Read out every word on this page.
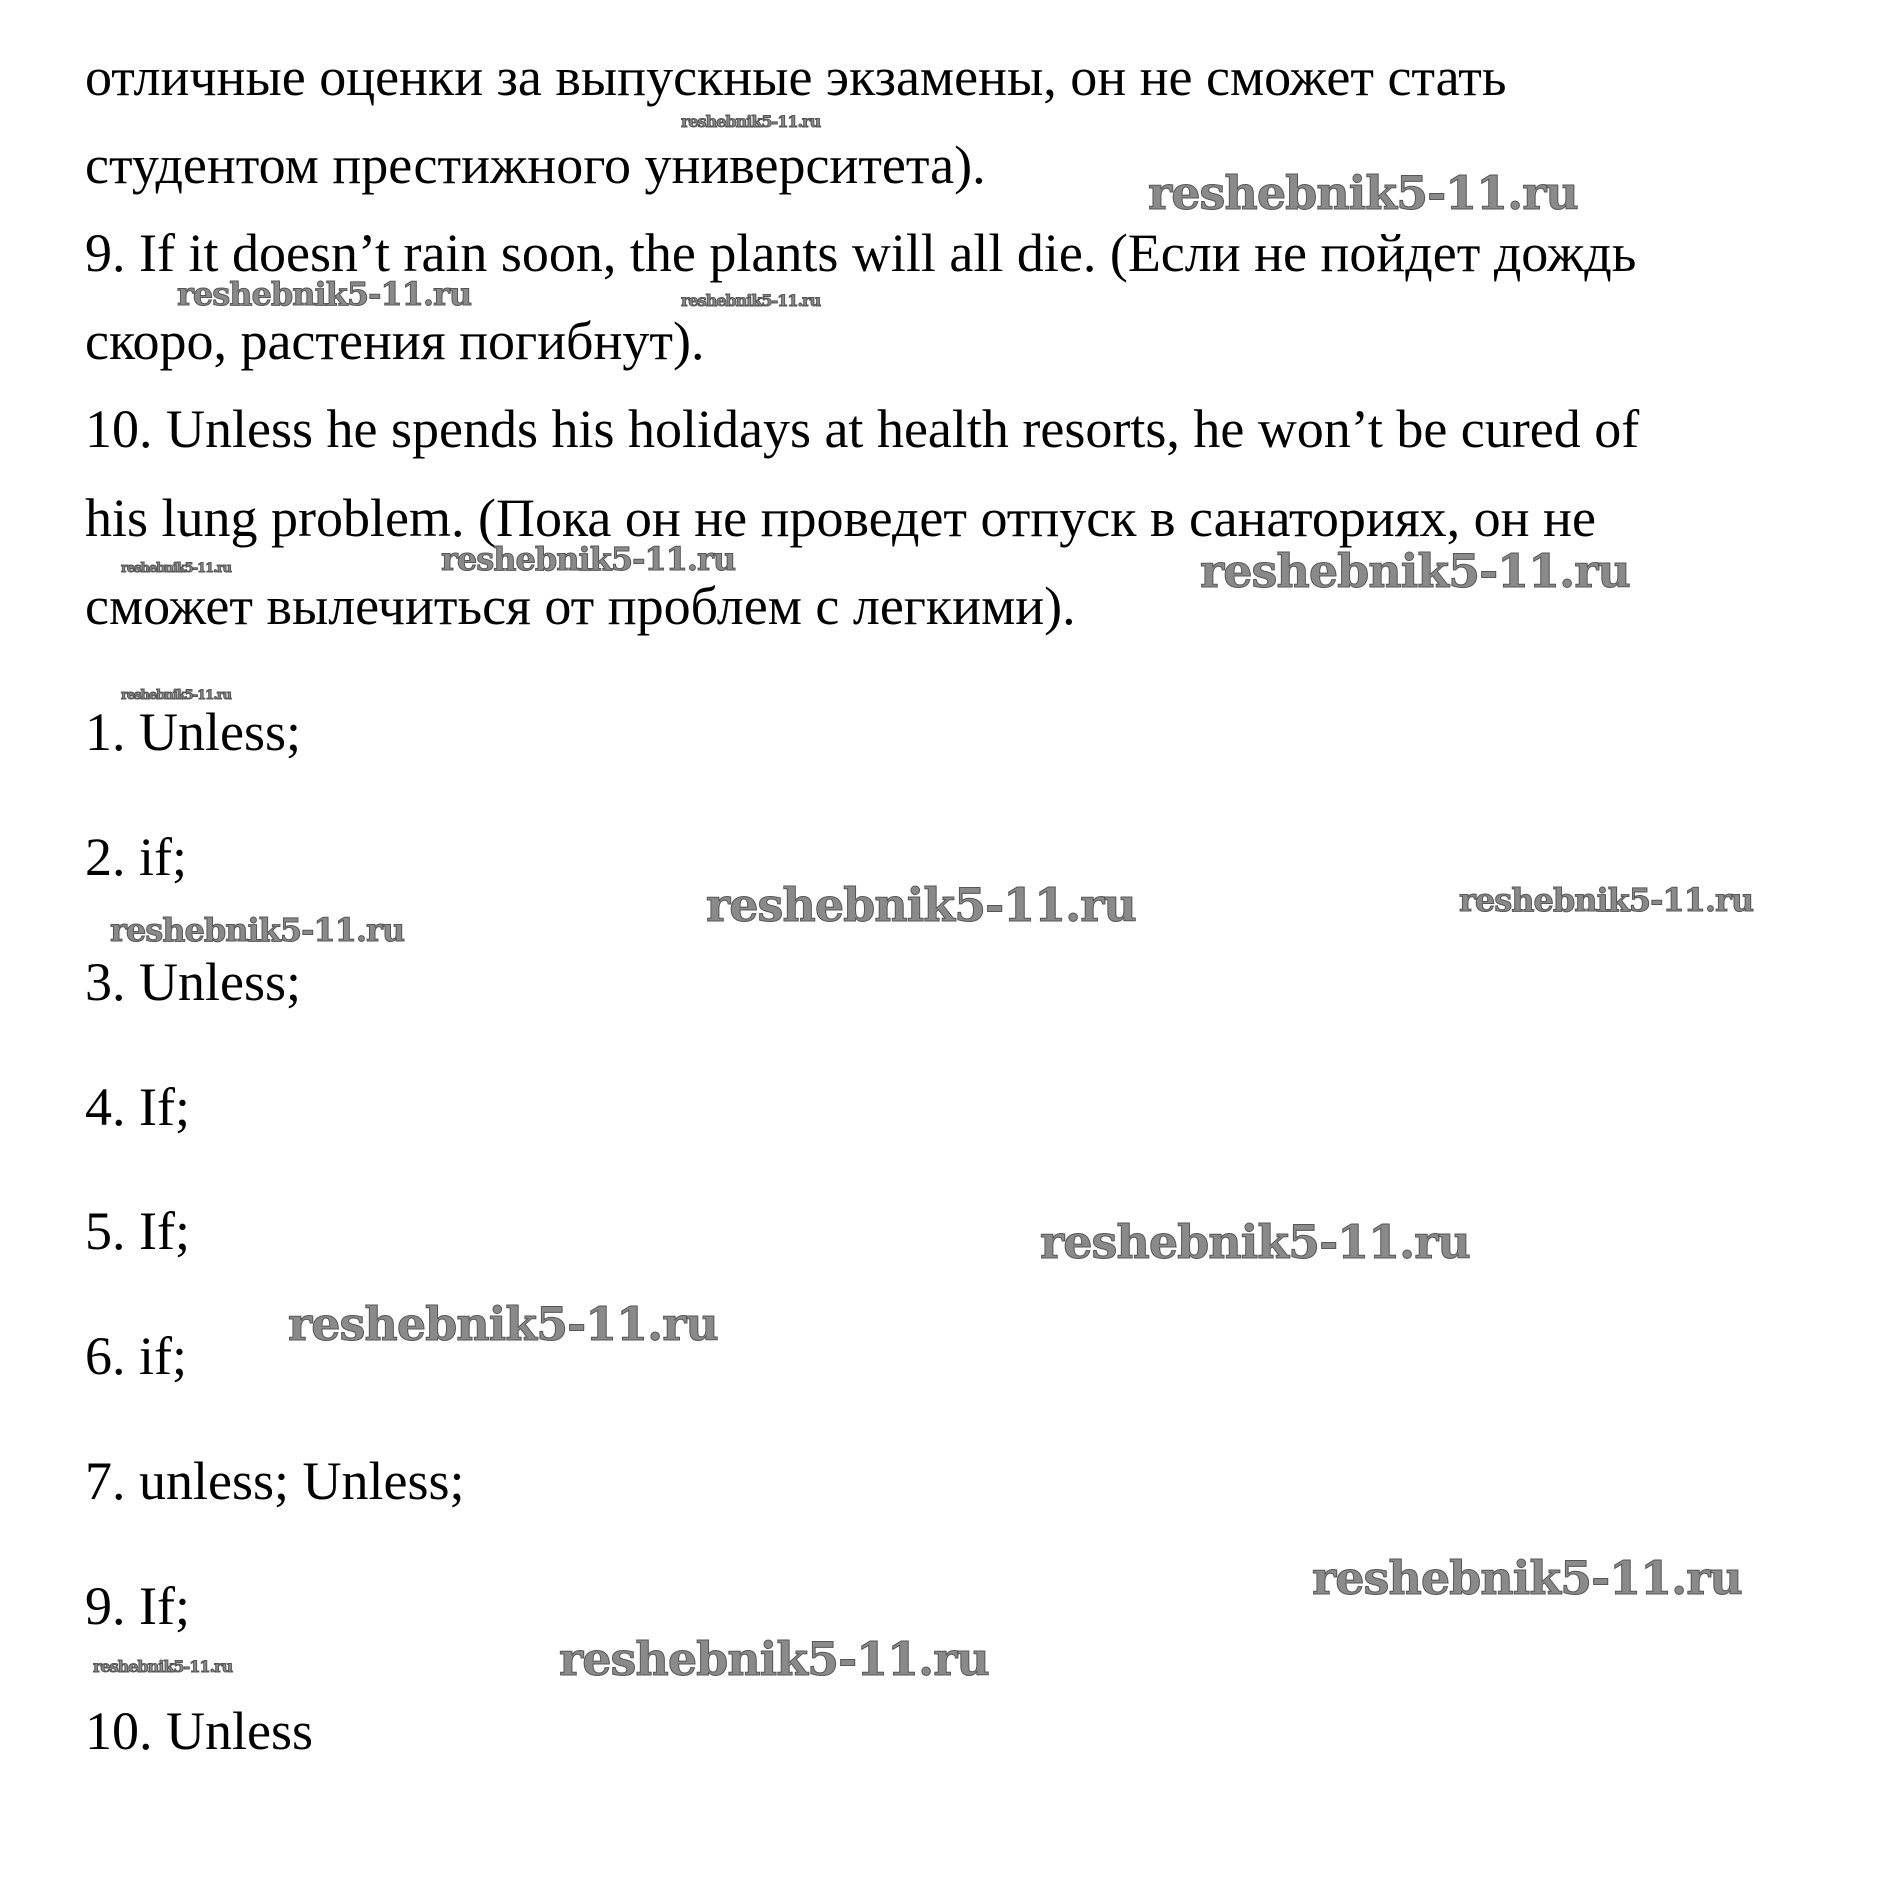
отличные оценки за выпускные экзамены, он не сможет стать
студентом престижного университета).
9. If it doesn’t rain soon, the plants will all die. (Если не пойдет дождь
скоро, растения погибнут).
10. Unless he spends his holidays at health resorts, he won’t be cured of
his lung problem. (Пока он не проведет отпуск в санаториях, он не
сможет вылечиться от проблем с легкими).
1. Unless;
2. if;
3. Unless;
4. If;
5. If;
6. if;
7. unless; Unless;
9. If;
10. Unless
reshebnik5-11.ru
reshebnik5-11.ru
reshebnik5-11.ru	reshebnik5-11.ru
reshebnik5-11.ru	reshebnik5-11.ru
reshebnik5-11.ru
reshebnik5-11.ru
reshebnik5-11.ru	reshebnik5-11.ru	reshebnik5-11.ru
reshebnik5-11.ru
reshebnik5-11.ru
reshebnik5-11.ru
reshebnik5-11.ru	reshebnik5-11.ru
